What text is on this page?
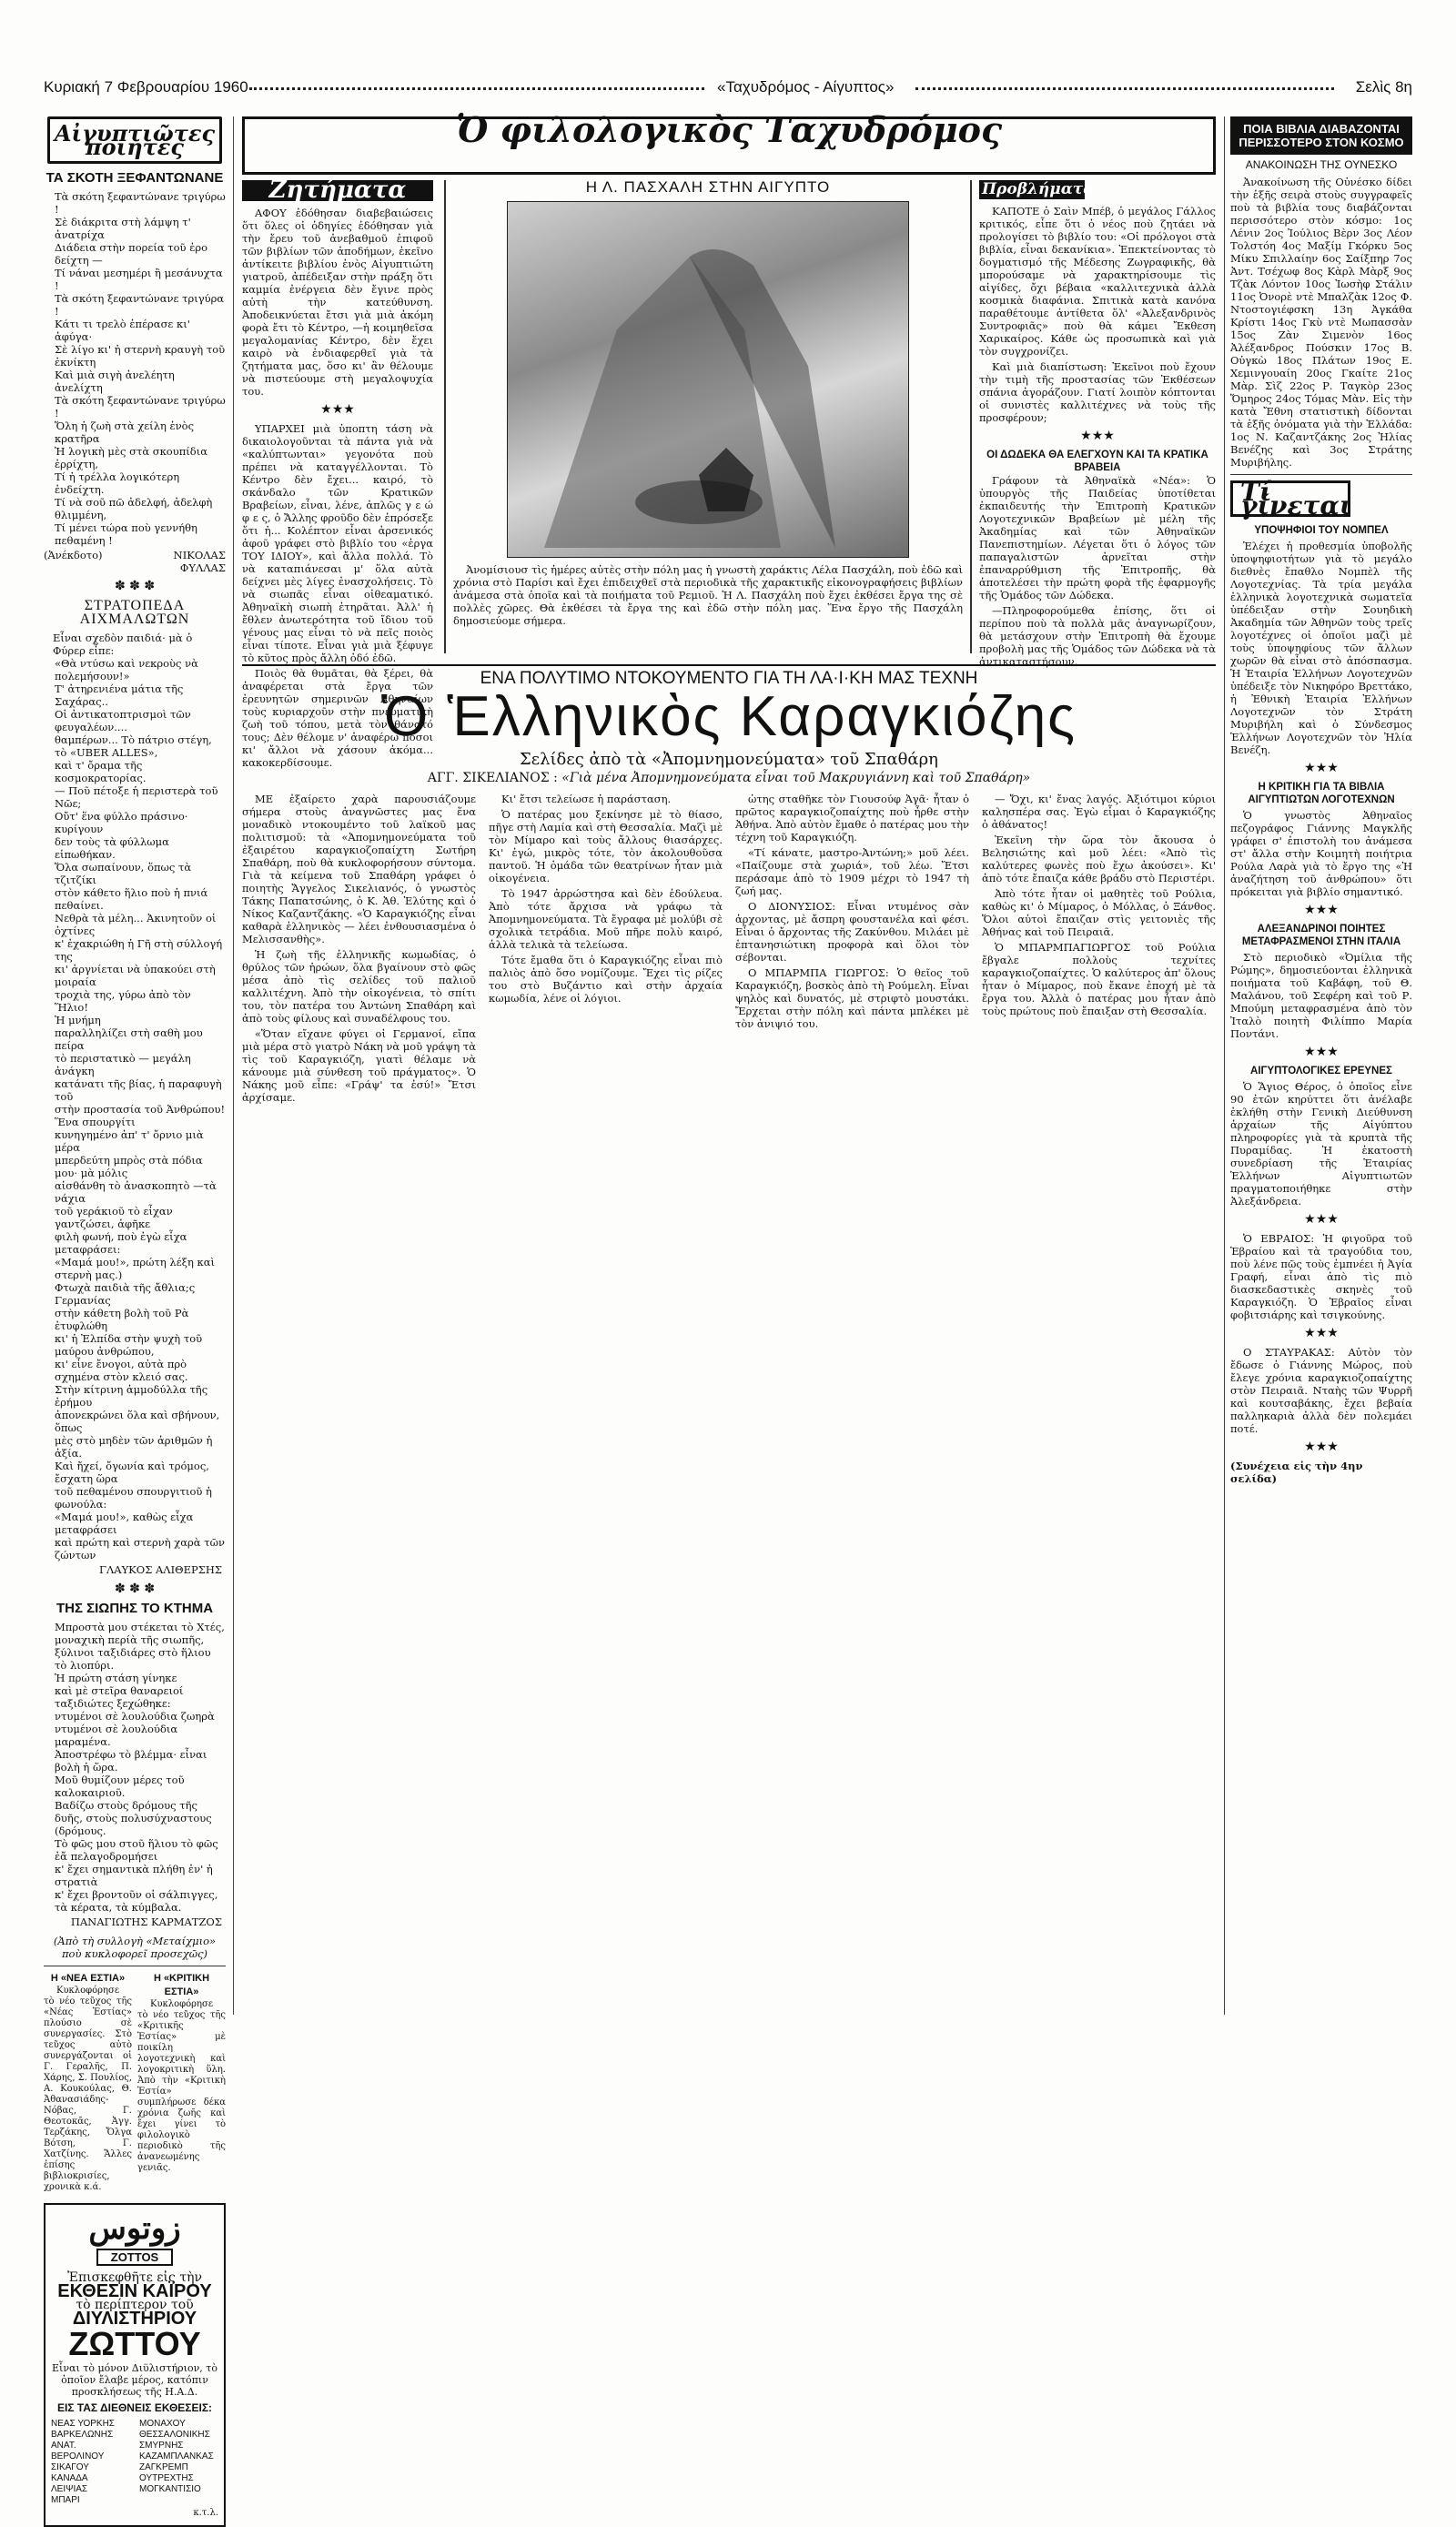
Κυριακή 7 Φεβρουαρίου 1960	«Ταχυδρόμος - Αίγυπτος»	Σελὶς 8η
Αἰγυπτιῶτες ποιητές
ΤΑ ΣΚΟΤΗ ΞΕΦΑΝΤΩΝΑΝΕ
Τὰ σκότη ξεφαντώνανε τριγύρω !
Σὲ διάκριτα στὴ λάμψη τ' ἀνατρίχα
Διάδεια στὴν πορεία τοῦ ἐρο δείχτη —
Τί νάναι μεσημέρι ἢ μεσάνυχτα !
Τὰ σκότη ξεφαντώνανε τριγύρα !
Κάτι τι τρελὸ ἐπέρασε κι' ἀφύγα·
Σὲ λίγο κι' ἡ στερνὴ κραυγὴ τοῦ ἐκνίκτη
Καὶ μιὰ σιγὴ ἀνελέητη ἀνελίχτη
Τὰ σκότη ξεφαντώνανε τριγύρω !
Ὅλη ἡ ζωὴ στὰ χείλη ἑνὸς κρατῆρα
Ἡ λογικὴ μὲς στὰ σκουπίδια ἐρρίχτη,
Τί ἡ τρέλλα λογικότερη ἐνδείχτη.
Τί νὰ σοῦ πῶ ἀδελφή, ἀδελφὴ θλιμμένη,
Τί μένει τώρα ποὺ γεννήθη πεθαμένη !
(Ἀνέκδοτο)	ΝΙΚΟΛΑΣ ΦΥΛΛΑΣ
✽ ✽ ✽
ΣΤΡΑΤΟΠΕΔΑ ΑΙΧΜΑΛΩΤΩΝ
Εἶναι σχεδὸν παιδιά· μὰ ὁ Φύρερ εἶπε:
«Θὰ ντύσω καὶ νεκροὺς νὰ πολεμήσουν!»
Τ' ἀτηρενιένα μάτια τῆς Σαχάρας..
Οἱ ἀντικατοπτρισμοὶ τῶν φευγαλέων....
θαμπέρων... Τὸ πάτριο στέγη, τὸ «UBER ALLES»,
καὶ τ' ὄραμα τῆς κοσμοκρατορίας.
— Ποῦ πέτοξε ἡ περιστερὰ τοῦ Νῶε;
Οὔτ' ἕνα φύλλο πράσινο· κυρίγουν
δεν τοὺς τὰ φύλλωμα εἰπωθήκαν.
Ὅλα σωπαίνουν, ὅπως τὰ τζιτζίκι
στὸν κάθετο ἥλιο ποὺ ἡ πνιά πεθαίνει.
Νεθρὰ τὰ μέλη... Ἀκινητοῦν οἱ ὀχτίνες
κ' ἐχακριώθη ἡ Γῆ στὴ σύλλογή της
κι' ἀργνίεται νὰ ὑπακούει στὴ μοιραία
τροχιὰ της, γύρω ἀπὸ τὸν Ἥλιο!
Ἡ μνήμη
παραλληλίζει στὴ σαθὴ μου πείρα
τὸ περιστατικὸ — μεγάλη ἀνάγκη
κατάνατι τῆς βίας, ἡ παραφυγὴ τοῦ
στὴν προστασία τοῦ Ἀνθρώπου! Ἕνα σπουργίτι
κυνηγημένο ἀπ' τ' ὄρνιο μιὰ μέρα
μπερδεύτη μπρὸς στὰ πόδια μου· μὰ μόλις
αἰσθάνθη τὸ ἀνασκοπητὸ —τὰ νάχια
τοῦ γεράκιοῦ τὸ εἶχαν γαντζώσει, ἀφῆκε
φιλὴ φωνή, ποὺ ἐγὼ εἶχα μεταφράσει:
«Μαμά μου!», πρώτη λέξη καὶ στερνὴ μας.)
Φτωχὰ παιδιὰ τῆς ἄθλια;ς Γερμανίας
στὴν κάθετη βολὴ τοῦ Ρὰ ἐτυφλώθη
κι' ἡ Ἐλπίδα στὴν ψυχὴ τοῦ μαύρου ἀνθρώπου,
κι' εἶνε ἔνογοι, αὐτὰ πρὸ σχημένα στὸν κλειό σας.
Στὴν κίτρινη ἀμμοδύλλα τῆς ἐρήμου
ἀπονεκρώνει ὅλα καὶ σβήνουν, ὅπως
μὲς στὸ μηδὲν τῶν ἀριθμῶν ἡ ἀξία.
Καὶ ἤχεί, ὄγωνία καὶ τρόμος, ἔσχατη ὥρα
τοῦ πεθαμένου σπουργιτιοῦ ἡ φωνούλα:
«Μαμά μου!», καθὼς εἶχα μεταφράσει
καὶ πρώτη καὶ στερνὴ χαρὰ τῶν ζώντων
ΓΛΑΥΚΟΣ ΑΛΙΘΕΡΣΗΣ
✽ ✽ ✽
ΤΗΣ ΣΙΩΠΗΣ ΤΟ ΚΤΗΜΑ
Μπροστὰ μου στέκεται τὸ Χτές,
μοναχικὴ περίὰ τῆς σιωπῆς,
ξύλινοι ταξιδιάρες στὸ ἥλιου τὸ λιοπύρι.
Ἡ πρώτη στάση γίνηκε
καὶ μὲ στεῖρα θαναρειοί ταξιδιώτες ξεχώθηκε:
ντυμένοι σὲ λουλούδια ζωηρὰ
ντυμένοι σὲ λουλούδια μαραμένα.
Ἀποστρέφω τὸ βλέμμα· εἶναι βολὴ ἡ ὥρα.
Μοῦ θυμίζουν μέρες τοῦ καλοκαιριοῦ.
Βαδίζω στοὺς δρόμους τῆς δυῆς, στοὺς πολυσύχναστους (δρόμους.
Τὸ φῶς μου στοῦ ἥλιου τὸ φῶς ἐἄ πελαγοδρομήσει
κ' ἔχει σημαντικὰ πλήθη ἐν' ἡ στρατιὰ
κ' ἔχει βροντοῦν οἱ σάλπιγγες, τὰ κέρατα, τὰ κύμβαλα.
ΠΑΝΑΓΙΩΤΗΣ ΚΑΡΜΑΤΖΟΣ
(Ἀπὸ τὴ συλλογὴ «Μεταίχμιο» ποὺ κυκλοφορεῖ προσεχῶς)
Η «ΝΕΑ ΕΣΤΙΑ»

Κυκλοφόρησε τὸ νέο τεῦχος τῆς «Νέας Ἑστίας» πλούσιο σὲ συνεργασίες. Στὸ τεῦχος αὐτὸ συνεργάζονται οἱ Γ. Γεραλῆς, Π. Χάρης, Σ. Πουλίος, Α. Κουκούλας, Θ. Ἀθανασιάδης-Νόβας, Γ. Θεοτοκᾶς, Ἀγγ. Τερζάκης, Ὄλγα Βότση, Γ. Χατζίνης. Ἄλλες ἐπίσης βιβλιοκρισίες, χρονικὰ κ.ά.

Η «ΚΡΙΤΙΚΗ ΕΣΤΙΑ»

Κυκλοφόρησε τὸ νέο τεῦχος τῆς «Κριτικῆς Ἑστίας» μὲ ποικίλη λογοτεχνικὴ καὶ λογοκριτικὴ ὕλη. Ἀπὸ τὴν «Κριτικὴ Ἑστία» συμπλήρωσε δέκα χρόνια ζωῆς καὶ ἔχει γίνει τὸ φιλολογικὸ περιοδικὸ τῆς ἀνανεωμένης γενιᾶς.

زوتوس
ZOTTOS
Ἐπισκεφθῆτε εἰς τὴν
ΕΚΘΕΣΙΝ ΚΑΪΡΟΥ
τὸ περίπτερον τοῦ
ΔΙΥΛΙΣΤΗΡΙΟΥ
ΖΩΤΤΟΥ
Εἶναι τὸ μόνον Διϋλιστήριον, τὸ ὁποῖον ἔλαβε μέρος, κατόπιν προσκλήσεως τῆς Η.Α.Δ.
ΕΙΣ ΤΑΣ ΔΙΕΘΝΕΙΣ ΕΚΘΕΣΕΙΣ:
ΝΕΑΣ ΥΟΡΚΗΣ
ΒΑΡΚΕΛΩΝΗΣ
ΑΝΑΤ. ΒΕΡΟΛΙΝΟΥ
ΣΙΚΑΓΟΥ
ΚΑΝΑΔΑ
ΛΕΙΨΙΑΣ
ΜΠΑΡΙ
ΜΟΝΑΧΟΥ
ΘΕΣΣΑΛΟΝΙΚΗΣ
ΣΜΥΡΝΗΣ
ΚΑΖΑΜΠΛΑΝΚΑΣ
ΖΑΓΚΡΕΜΠ
ΟΥΤΡΕΧΤΗΣ
ΜΟΓΚΑΝΤΙΣΙΟ
κ.τ.λ.
Ὁ φιλολογικὸς Ταχυδρόμος
Ζητήματα

ΑΦΟΥ ἐδόθησαν διαβεβαιώσεις ὅτι ὅλες οἱ ὁδηγίες ἐδόθησαν γιὰ τὴν ἔρευ τοῦ ἀνεβαθμοῦ ἐπιφοῦ τῶν βιβλίων τῶν ἀποδήμων, ἐκεῖνο ἀντίκειτε βιβλίου ἑνὸς Αἰγυπτιώτη γιατροῦ, ἀπέδειξαν στὴν πράξη ὅτι καμμία ἐνέργεια δὲν ἔγινε πρὸς αὐτὴ τὴν κατεύθυνση. Ἀποδεικνύεται ἔτσι γιὰ μιὰ ἀκόμη φορὰ ἔτι τὸ Κέντρο, —ἡ κοιμηθεῖσα μεγαλομανίας Κέντρο, δὲν ἔχει καιρὸ νὰ ἐνδιαφερθεῖ γιὰ τὰ ζητήματα μας, ὅσο κι' ἂν θέλουμε νὰ πιστεύουμε στὴ μεγαλοψυχία του.

★★★

ΥΠΑΡΧΕΙ μιὰ ὑποπτη τάση νὰ δικαιολογοῦνται τὰ πάντα γιὰ νὰ «καλύπτωνται» γεγονότα ποὺ πρέπει νὰ καταγγέλλονται. Τὸ Κέντρο δὲν ἔχει... καιρό, τὸ σκάνδαλο τῶν Κρατικῶν Βραβείων, εἶναι, λένε, ἀπλῶς γ ε ώ φ ε ς, ὁ Ἄλλης φροῦδο δὲν ἐπρόσεξε ὅτι ἡ... Κολέπτον εἶναι ἀρσενικός ἀφοῦ γράφει στὸ βιβλίο του «ἐργα ΤΟΥ ΙΔΙΟΥ», καὶ ἄλλα πολλά. Τὸ νὰ καταπιάνεσαι μ' ὅλα αὐτὰ δείχνει μὲς λίγες ἐνασχολήσεις. Τὸ νὰ σιωπᾶς εἶναι οἰθεαματικό. Ἀθηναϊκὴ σιωπὴ ἐτηρᾶται. Ἀλλ' ἡ ἔθλεν ἀνωτερότητα τοῦ ἴδιου τοῦ γένους μας εἶναι τὸ νὰ πεῖς ποιὸς εἶναι τίποτε. Εἶναι γιὰ μιὰ ξέφυγε τὸ κῦτος πρὸς ἄλλη ὁδό ἐδῶ.

Ποιὸς θὰ θυμᾶται, θὰ ξέρει, θὰ ἀναφέρεται στὰ ἔργα τῶν ἐρευνητῶν σημερινῶν Ἀθηναίων τοὺς κυριαρχοῦν στὴν πνευματικὴ ζωὴ τοῦ τόπου, μετὰ τὸν θάνατό τους; Δὲν θέλομε ν' ἀναφέρω πόσοι κι' ἄλλοι νὰ χάσουν ἀκόμα... κακοκερδίσουμε.

Η Λ. ΠΑΣΧΑΛΗ ΣΤΗΝ ΑΙΓΥΠΤΟ

Ἀνομίσιουσ τὶς ἡμέρες αὐτὲς στὴν πόλη μας ἡ γνωστὴ χαράκτις Λέλα Πασχάλη, ποὺ ἐδῶ καὶ χρόνια στὸ Παρίσι καὶ ἔχει ἐπιδειχθεῖ στὰ περιοδικὰ τῆς χαρακτικῆς εἰκονογραφήσεις βιβλίων ἀνάμεσα στὰ ὁποῖα καὶ τὰ ποιήματα τοῦ Ρεμιοῦ. Ἡ Λ. Πασχάλη ποὺ ἔχει ἐκθέσει ἔργα της σὲ πολλὲς χῶρες. Θὰ ἐκθέσει τὰ ἔργα της καὶ ἐδῶ στὴν πόλη μας. Ἕνα ἔργο τῆς Πασχάλη δημοσιεύομε σήμερα.

Προβλήματα

ΚΑΠΟΤΕ ὁ Σαὶν Μπέβ, ὁ μεγάλος Γάλλος κριτικός, εἶπε ὅτι ὁ νέος ποὺ ζητάει νὰ προλογίσει τὸ βιβλίο του: «Οἱ πρόλογοι στὰ βιβλία, εἶναι δεκανίκια». Ἐπεκτείνοντας τὸ δογματισμό τῆς Μέδεσης Ζωγραφικῆς, θὰ μπορούσαμε νὰ χαρακτηρίσουμε τὶς αἰγίδες, ὄχι βέβαια «καλλιτεχνικὰ ἀλλὰ κοσμικὰ διαφάνια. Σπιτικὰ κατὰ κανόνα παραθέτουμε ἀντίθετα ὅλ' «Ἀλεξανδρινὸς Συντροφιᾶς» ποὺ θὰ κάμει Ἔκθεση Χαρικαίρος. Κάθε ὡς προσωπικὰ καὶ γιὰ τὸν συγχρονίζει.

Καὶ μιὰ διαπίστωση: Ἐκεῖνοι ποὺ ἔχουν τὴν τιμὴ τῆς προστασίας τῶν Ἐκθέσεων σπάνια ἀγοράζουν. Γιατί λοιπὸν κόπτονται οἱ συνιστὲς καλλιτέχνες νὰ τοὺς τῆς προσφέρουν;

★★★
ΟΙ ΔΩΔΕΚΑ ΘΑ ΕΛΕΓΧΟΥΝ ΚΑΙ ΤΑ ΚΡΑΤΙΚΑ ΒΡΑΒΕΙΑ

Γράφουν τὰ Ἀθηναϊκὰ «Νέα»: Ὁ ὑπουργὸς τῆς Παιδείας ὑποτίθεται ἐκπαιδευτής τὴν Ἐπιτροπὴ Κρατικῶν Λογοτεχνικῶν Βραβείων μὲ μέλη τῆς Ἀκαδημίας καὶ τῶν Ἀθηναϊκῶν Πανεπιστημίων. Λέγεται ὅτι ὁ λόγος τῶν παπαγαλιστῶν ἀρνεῖται στὴν ἐπαναρρύθμιση τῆς Ἐπιτροπῆς, θὰ ἀποτελέσει τὴν πρώτη φορὰ τῆς ἐφαρμογῆς τῆς Ὁμάδος τῶν Δώδεκα.

—Πληροφορούμεθα ἐπίσης, ὅτι οἱ περίπου ποὺ τὰ πολλὰ μᾶς ἀναγνωρίζουν, θὰ μετάσχουν στὴν Ἐπιτροπὴ θὰ ἔχουμε προβολὴ μας τῆς Ὁμάδος τῶν Δώδεκα νὰ τὰ ἀντικαταστήσουν.

ΕΝΑ ΠΟΛΥΤΙΜΟ ΝΤΟΚΟΥΜΕΝΤΟ ΓΙΑ ΤΗ ΛΑ·Ι·ΚΗ ΜΑΣ ΤΕΧΝΗ
Ὁ Ἑλληνικὸς Καραγκιόζης
Σελίδες ἀπὸ τὰ «Ἀπομνημονεύματα» τοῦ Σπαθάρη
ΑΓΓ. ΣΙΚΕΛΙΑΝΟΣ : «Γιὰ μένα Ἀπομνημονεύματα εἶναι τοῦ Μακρυγιάννη καὶ τοῦ Σπαθάρη»

ΜΕ ἐξαίρετο χαρὰ παρουσιάζουμε σήμερα στοὺς ἀναγνῶστες μας ἕνα μοναδικὸ ντοκουμέντο τοῦ λαϊκοῦ μας πολιτισμοῦ: τὰ «Ἀπομνημονεύματα τοῦ ἐξαιρέτου καραγκιοζοπαίχτη Σωτήρη Σπαθάρη, ποὺ θὰ κυκλοφορήσουν σύντομα. Γιὰ τὰ κείμενα τοῦ Σπαθάρη γράφει ὁ ποιητὴς Ἄγγελος Σικελιανός, ὁ γνωστὸς Τάκης Παπατσώνης, ὁ Κ. Ἀθ. Ἐλύτης καὶ ὁ Νίκος Καζαντζάκης. «Ὁ Καραγκιόζης εἶναι καθαρὰ ἑλληνικὸς — λέει ἐνθουσιασμένα ὁ Μελισσανθὴς».

Ἡ ζωὴ τῆς ἑλληνικῆς κωμωδίας, ὁ θρύλος τῶν ἡρώων, ὅλα βγαίνουν στὸ φῶς μέσα ἀπὸ τὶς σελίδες τοῦ παλιοῦ καλλιτέχνη. Ἀπὸ τὴν οἰκογένεια, τὸ σπίτι του, τὸν πατέρα του Ἀντώνη Σπαθάρη καὶ ἀπὸ τοὺς φίλους καὶ συναδέλφους του.

«Ὅταν εἴχανε φύγει οἱ Γερμανοί, εἴπα μιὰ μέρα στὸ γιατρὸ Νάκη νὰ μοῦ γράψη τὰ τὶς τοῦ Καραγκιόζη, γιατὶ θέλαμε νὰ κάνουμε μιὰ σύνθεση τοῦ πράγματος». Ὁ Νάκης μοῦ εἶπε: «Γράψ' τα ἐσύ!» Ἔτσι ἀρχίσαμε.

Κι' ἔτσι τελείωσε ἡ παράσταση.

Ὁ πατέρας μου ξεκίνησε μὲ τὸ θίασο, πῆγε στὴ Λαμία καὶ στὴ Θεσσαλία. Μαζὶ μὲ τὸν Μίμαρο καὶ τοὺς ἄλλους θιασάρχες. Κι' ἐγώ, μικρὸς τότε, τὸν ἀκολουθοῦσα παντοῦ. Ἡ ὁμάδα τῶν θεατρίνων ἦταν μιὰ οἰκογένεια.

Τὸ 1947 ἀρρώστησα καὶ δὲν ἐδούλευα. Ἀπὸ τότε ἄρχισα νὰ γράφω τὰ Ἀπομνημονεύματα. Τὰ ἔγραφα μὲ μολύβι σὲ σχολικὰ τετράδια. Μοῦ πῆρε πολὺ καιρό, ἀλλὰ τελικὰ τὰ τελείωσα.

Τότε ἔμαθα ὅτι ὁ Καραγκιόζης εἶναι πιὸ παλιὸς ἀπὸ ὅσο νομίζουμε. Ἔχει τὶς ρίζες του στὸ Βυζάντιο καὶ στὴν ἀρχαία κωμωδία, λένε οἱ λόγιοι.

ὡτης σταθῆκε τὸν Γιουσούφ Ἀγᾶ· ἦταν ὁ πρῶτος καραγκιοζοπαίχτης ποὺ ἦρθε στὴν Ἀθήνα. Ἀπὸ αὐτὸν ἔμαθε ὁ πατέρας μου τὴν τέχνη τοῦ Καραγκιόζη.

«Τί κάνατε, μαστρο-Ἀντώνη;» μοῦ λέει. «Παίζουμε στὰ χωριά», τοῦ λέω. Ἔτσι περάσαμε ἀπὸ τὸ 1909 μέχρι τὸ 1947 τὴ ζωή μας.

Ο ΔΙΟΝΥΣΙΟΣ: Εἶναι ντυμένος σὰν ἀρχοντας, μὲ ἄσπρη φουστανέλα καὶ φέσι. Εἶναι ὁ ἄρχοντας τῆς Ζακύνθου. Μιλάει μὲ ἑπτανησιώτικη προφορὰ καὶ ὅλοι τὸν σέβονται.

Ο ΜΠΑΡΜΠΑ ΓΙΩΡΓΟΣ: Ὁ θεῖος τοῦ Καραγκιόζη, βοσκὸς ἀπὸ τὴ Ρούμελη. Εἶναι ψηλὸς καὶ δυνατός, μὲ στριφτὸ μουστάκι. Ἔρχεται στὴν πόλη καὶ πάντα μπλέκει μὲ τὸν ἀνιψιό του.

— Ὄχι, κι' ἔνας λαγός. Ἀξιότιμοι κύριοι καλησπέρα σας. Ἐγὼ εἶμαι ὁ Καραγκιόζης ὁ ἀθάνατος!

Ἐκεῖνη τὴν ὥρα τὸν ἄκουσα ὁ Βελησιώτης καὶ μοῦ λέει: «Ἀπὸ τὶς καλύτερες φωνὲς ποὺ ἔχω ἀκούσει». Κι' ἀπὸ τότε ἔπαιζα κάθε βράδυ στὸ Περιστέρι.

Ἀπὸ τότε ἦταν οἱ μαθητὲς τοῦ Ρούλια, καθὼς κι' ὁ Μίμαρος, ὁ Μόλλας, ὁ Ξάνθος. Ὅλοι αὐτοὶ ἔπαιζαν στὶς γειτονιὲς τῆς Ἀθήνας καὶ τοῦ Πειραιᾶ.

Ὁ ΜΠΑΡΜΠΑΓΙΩΡΓΟΣ τοῦ Ρούλια ἔβγαλε πολλοὺς τεχνίτες καραγκιοζοπαίχτες. Ὁ καλύτερος ἀπ' ὅλους ἦταν ὁ Μίμαρος, ποὺ ἔκανε ἐποχή μὲ τὰ ἔργα του. Ἀλλὰ ὁ πατέρας μου ἦταν ἀπὸ τοὺς πρώτους ποὺ ἔπαιξαν στὴ Θεσσαλία.

ΠΟΙΑ ΒΙΒΛΙΑ ΔΙΑΒΑΖΟΝΤΑΙ ΠΕΡΙΣΣΟΤΕΡΟ ΣΤΟΝ ΚΟΣΜΟ
ΑΝΑΚΟΙΝΩΣΗ ΤΗΣ ΟΥΝΕΣΚΟ

Ἀνακοίνωση τῆς Οὐνέσκο δίδει τὴν ἑξῆς σειρὰ στοὺς συγγραφεῖς ποὺ τὰ βιβλία τους διαβάζονται περισσότερο στὸν κόσμο: 1ος Λένιν 2ος Ἰούλιος Βὲρν 3ος Λέον Τολστόη 4ος Μαξίμ Γκόρκυ 5ος Μίκυ Σπιλλαίην 6ος Σαίξπηρ 7ος Ἀντ. Τσέχωφ 8ος Κὰρλ Μὰρξ 9ος Τζὰκ Λόντον 10ος Ἰωσὴφ Στάλιν 11ος Ὀνορὲ ντὲ Μπαλζὰκ 12ος Φ. Ντοστογιέφσκη 13η Ἀγκάθα Κρίστι 14ος Γκὺ ντὲ Μωπασσὰν 15ος Ζὰν Σιμενὸν 16ος Ἀλέξανδρος Πούσκιν 17ος Β. Οὐγκὼ 18ος Πλάτων 19ος Ε. Χεμινγουαίη 20ος Γκαίτε 21ος Μὰρ. Σὶζ 22ος Ρ. Ταγκὸρ 23ος Ὅμηρος 24ος Τόμας Μὰν. Εἰς τὴν κατὰ Ἔθνη στατιστικὴ δίδονται τὰ ἑξῆς ὀνόματα γιὰ τὴν Ἑλλάδα: 1ος Ν. Καζαντζάκης 2ος Ἠλίας Βενέζης καὶ 3ος Στράτης Μυριβήλης.

Τί γίνεται
ΥΠΟΨΗΦΙΟΙ ΤΟΥ ΝΟΜΠΕΛ

Ἐλέχει ἡ προθεσμία ὑποβολῆς ὑποψηφιοτήτων γιὰ τὸ μεγάλο διεθνὲς ἔπαθλο Νομπὲλ τῆς Λογοτεχνίας. Τὰ τρία μεγάλα ἑλληνικὰ λογοτεχνικὰ σωματεῖα ὑπέδειξαν στὴν Σουηδικὴ Ἀκαδημία τῶν Ἀθηνῶν τοὺς τρεῖς λογοτέχνες οἱ ὁποῖοι μαζὶ μὲ τοὺς ὑποψηφίους τῶν ἄλλων χωρῶν θὰ εἶναι στὸ ἀπόσπασμα. Ἡ Ἑταιρία Ἑλλήνων Λογοτεχνῶν ὑπέδειξε τὸν Νικηφόρο Βρεττάκο, ἡ Ἐθνικὴ Ἑταιρία Ἑλλήνων Λογοτεχνῶν τὸν Στράτη Μυριβήλη καὶ ὁ Σύνδεσμος Ἑλλήνων Λογοτεχνῶν τὸν Ἠλία Βενέζη.

★★★
Η ΚΡΙΤΙΚΗ ΓΙΑ ΤΑ ΒΙΒΛΙΑ ΑΙΓΥΠΤΙΩΤΩΝ ΛΟΓΟΤΕΧΝΩΝ

Ὁ γνωστὸς Ἀθηναῖος πεζογράφος Γιάννης Μαγκλῆς γράφει σ' ἐπιστολὴ του ἀνάμεσα στ' ἄλλα στὴν Κοιμητὴ ποιήτρια Ρούλα Λαρὰ γιὰ τὸ ἔργο της «Ἡ ἀναζήτηση τοῦ ἀνθρώπου» ὅτι πρόκειται γιὰ βιβλίο σημαντικό.

★★★
ΑΛΕΞΑΝΔΡΙΝΟΙ ΠΟΙΗΤΕΣ ΜΕΤΑΦΡΑΣΜΕΝΟΙ ΣΤΗΝ ΙΤΑΛΙΑ

Στὸ περιοδικὸ «Ὀμίλια τῆς Ρώμης», δημοσιεύονται ἑλληνικὰ ποιήματα τοῦ Καβάφη, τοῦ Θ. Μαλάνου, τοῦ Σεφέρη καὶ τοῦ Ρ. Μπούμη μεταφρασμένα ἀπὸ τὸν Ἰταλὸ ποιητὴ Φιλίππο Μαρία Ποντάνι.

★★★
ΑΙΓΥΠΤΟΛΟΓΙΚΕΣ ΕΡΕΥΝΕΣ

Ὁ Ἅγιος Θέρος, ὁ ὁποῖος εἶνε 90 ἐτῶν κηρύττει ὅτι ἀνέλαβε ἐκλήθη στὴν Γενικὴ Διεύθυνση ἀρχαίων τῆς Αἰγύπτου πληροφορίες γιὰ τὰ κρυπτὰ τῆς Πυραμίδας. Ἡ ἑκατοστὴ συνεδρίαση τῆς Ἑταιρίας Ἑλλήνων Αἰγυπτιωτῶν πραγματοποιήθηκε στὴν Ἀλεξάνδρεια.

★★★

Ὁ ΕΒΡΑΙΟΣ: Ἡ φιγοῦρα τοῦ Ἑβραίου καὶ τὰ τραγούδια του, ποὺ λένε πῶς τοὺς ἐμπνέει ἡ Ἀγία Γραφή, εἶναι ἀπὸ τὶς πιὸ διασκεδαστικὲς σκηνὲς τοῦ Καραγκιόζη. Ὁ Ἑβραῖος εἶναι φοβιτσιάρης καὶ τσιγκούνης.

★★★

Ο ΣΤΑΥΡΑΚΑΣ: Αὐτὸν τὸν ἔδωσε ὁ Γιάννης Μώρος, ποὺ ἔλεγε χρόνια καραγκιοζοπαίχτης στὸν Πειραιᾶ. Νταὴς τῶν Ψυρρῆ καὶ κουτσαβάκης, ἔχει βεβαία παλληκαριὰ ἀλλὰ δὲν πολεμάει ποτέ.

★★★
(Συνέχεια εἰς τὴν 4ην σελίδα)
